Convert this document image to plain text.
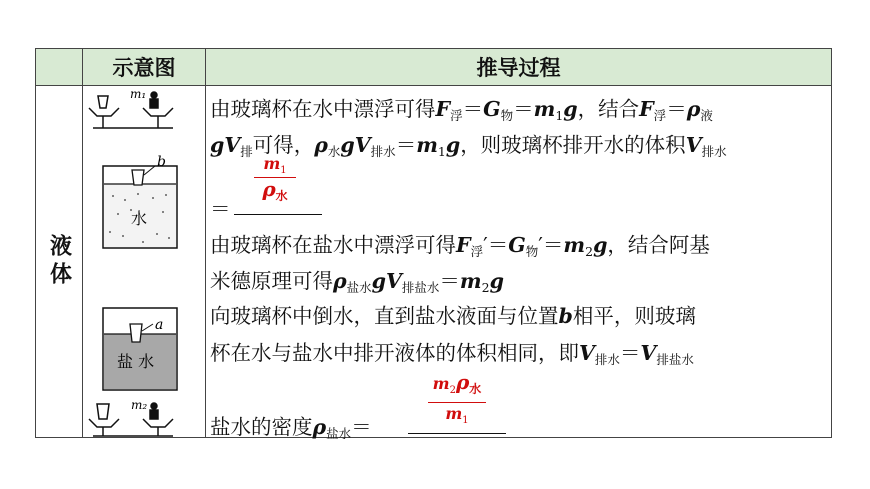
示意图	推导过程
液体
m₁
b
水
a
盐 水
m₂
由玻璃杯在水中漂浮可得F浮＝G物＝m1g，结合F浮＝ρ液
gV排可得，ρ水gV排水＝m1g，则玻璃杯排开水的体积V排水
$m_1$
$\rho_水$
＝
由玻璃杯在盐水中漂浮可得F浮′＝G物′＝m2g，结合阿基
米德原理可得ρ盐水gV排盐水＝m2g
向玻璃杯中倒水，直到盐水液面与位置b相平，则玻璃
杯在水与盐水中排开液体的体积相同，即V排水＝V排盐水
$m_2\rho_水$
$m_1$
盐水的密度ρ盐水＝
